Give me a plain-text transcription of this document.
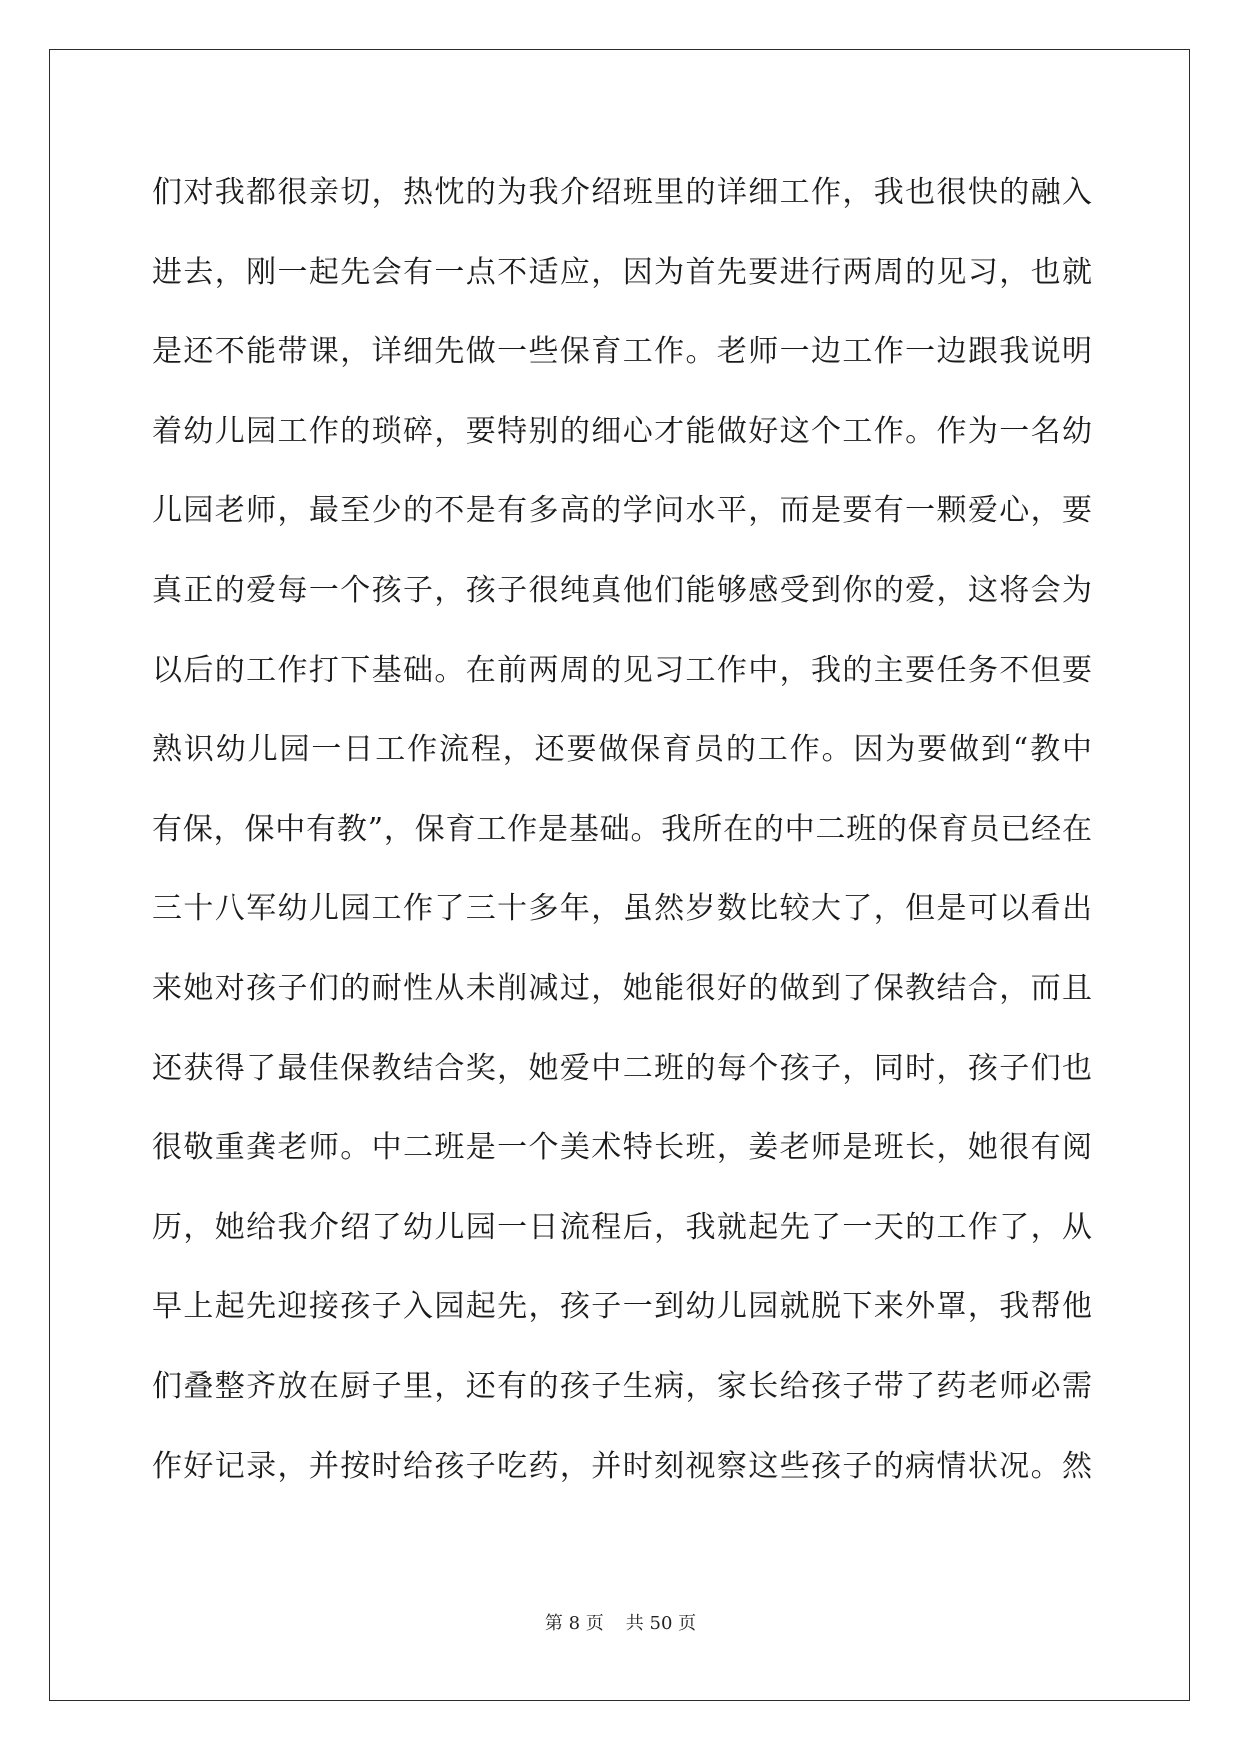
们对我都很亲切，热忱的为我介绍班里的详细工作，我也很快的融入
进去，刚一起先会有一点不适应，因为首先要进行两周的见习，也就
是还不能带课，详细先做一些保育工作。老师一边工作一边跟我说明
着幼儿园工作的琐碎，要特别的细心才能做好这个工作。作为一名幼
儿园老师，最至少的不是有多高的学问水平，而是要有一颗爱心，要
真正的爱每一个孩子，孩子很纯真他们能够感受到你的爱，这将会为
以后的工作打下基础。在前两周的见习工作中，我的主要任务不但要
熟识幼儿园一日工作流程，还要做保育员的工作。因为要做到“教中
有保，保中有教”，保育工作是基础。我所在的中二班的保育员已经在
三十八军幼儿园工作了三十多年，虽然岁数比较大了，但是可以看出
来她对孩子们的耐性从未削减过，她能很好的做到了保教结合，而且
还获得了最佳保教结合奖，她爱中二班的每个孩子，同时，孩子们也
很敬重龚老师。中二班是一个美术特长班，姜老师是班长，她很有阅
历，她给我介绍了幼儿园一日流程后，我就起先了一天的工作了，从
早上起先迎接孩子入园起先，孩子一到幼儿园就脱下来外罩，我帮他
们叠整齐放在厨子里，还有的孩子生病，家长给孩子带了药老师必需
作好记录，并按时给孩子吃药，并时刻视察这些孩子的病情状况。然
第 8 页 共 50 页
